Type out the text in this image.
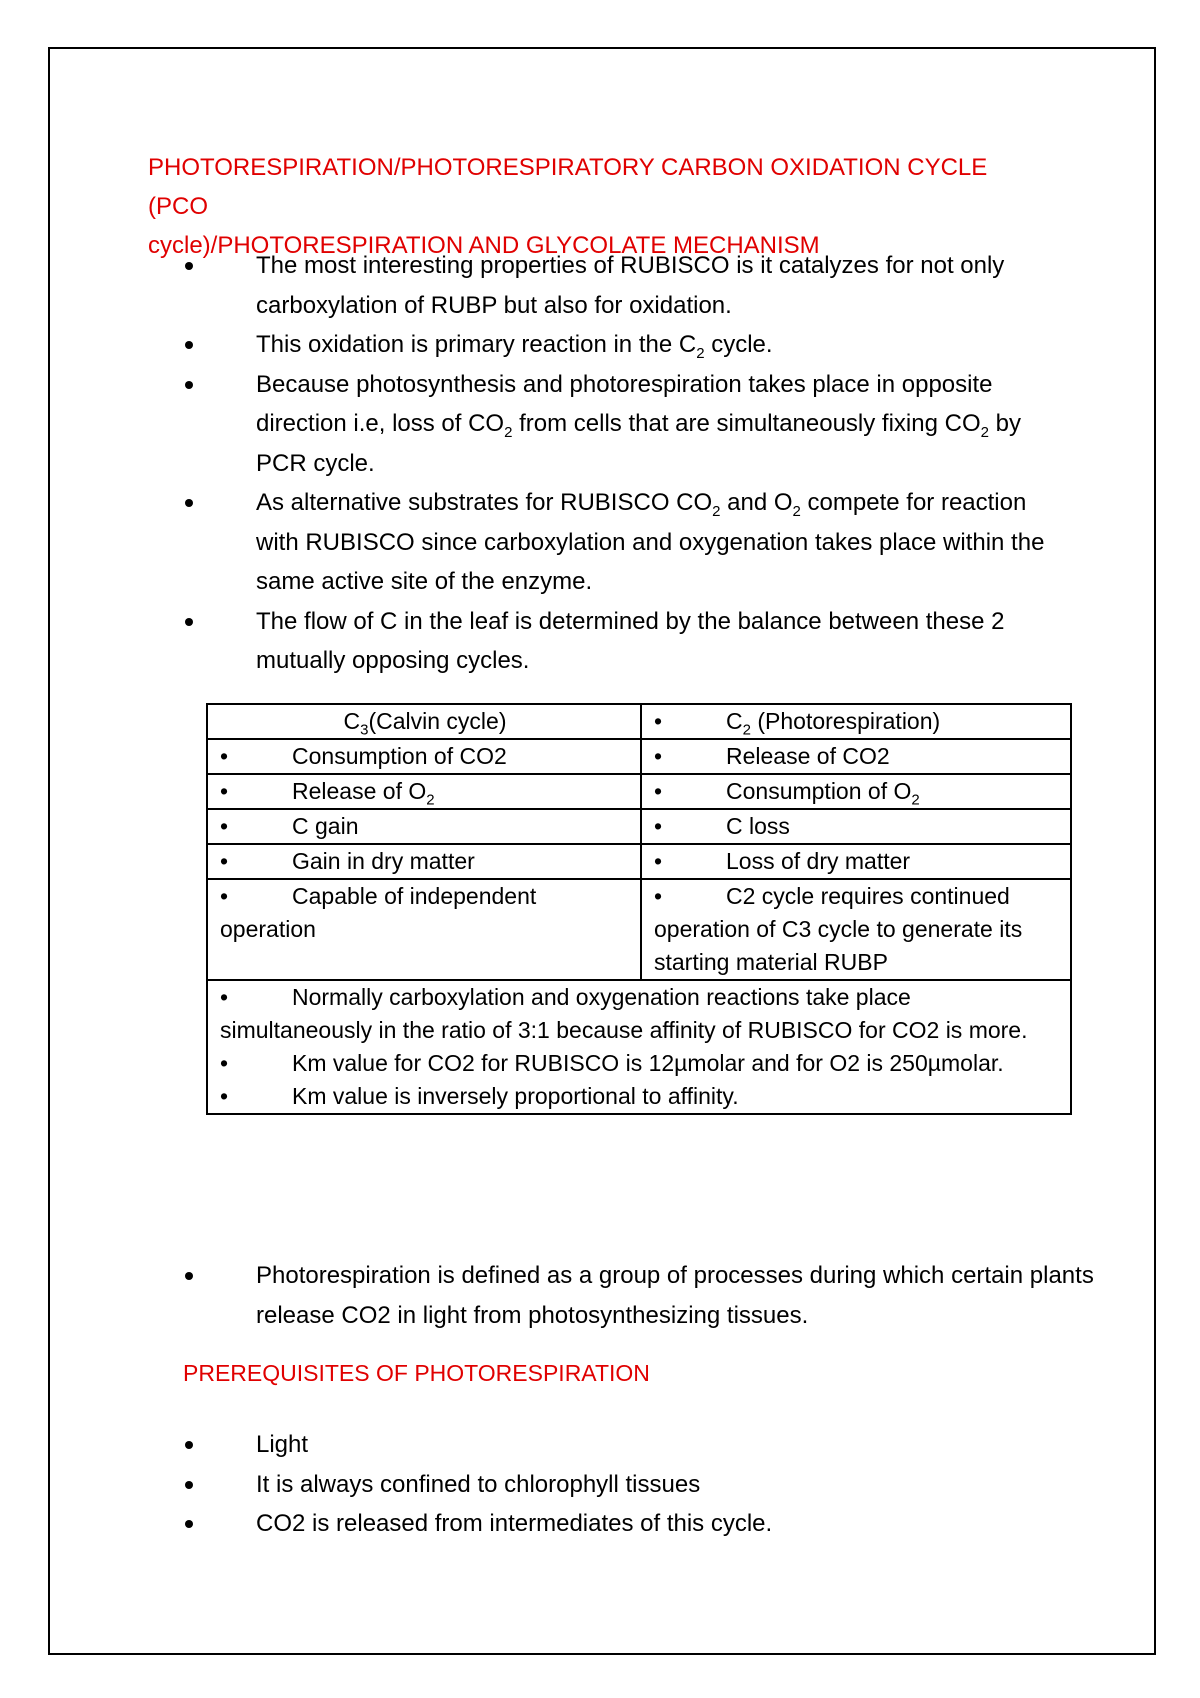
PHOTORESPIRATION/PHOTORESPIRATORY CARBON OXIDATION CYCLE (PCO
cycle)/PHOTORESPIRATION AND GLYCOLATE MECHANISM
The most interesting properties of RUBISCO is it catalyzes for not only carboxylation of RUBP but also for oxidation.
This oxidation is primary reaction in the $C_2$ cycle.
Because photosynthesis and photorespiration takes place in opposite direction i.e, loss of $CO_2$ from cells that are simultaneously fixing $CO_2$ by PCR cycle.
As alternative substrates for RUBISCO $CO_2$ and $O_2$ compete for reaction with RUBISCO since carboxylation and oxygenation takes place within the same active site of the enzyme.
The flow of C in the leaf is determined by the balance between these 2 mutually opposing cycles.
$C_3(Calvin$ cycle)	• $C_2$ (Photorespiration)
• Consumption of CO2	• Release of CO2
• Release of $O_2$	• Consumption of $O_2$
• C gain	• C loss
• Gain in dry matter	• Loss of dry matter
• Capable of independent operation	• C2 cycle requires continued operation of C3 cycle to generate its starting material RUBP

• Normally carboxylation and oxygenation reactions take place simultaneously in the ratio of 3:1 because affinity of RUBISCO for CO2 is more.
• Km value for CO2 for RUBISCO is 12µmolar and for O2 is 250µmolar.
• Km value is inversely proportional to affinity.	
Photorespiration is defined as a group of processes during which certain plants release CO2 in light from photosynthesizing tissues.
PREREQUISITES OF PHOTORESPIRATION
Light
It is always confined to chlorophyll tissues
CO2 is released from intermediates of this cycle.
